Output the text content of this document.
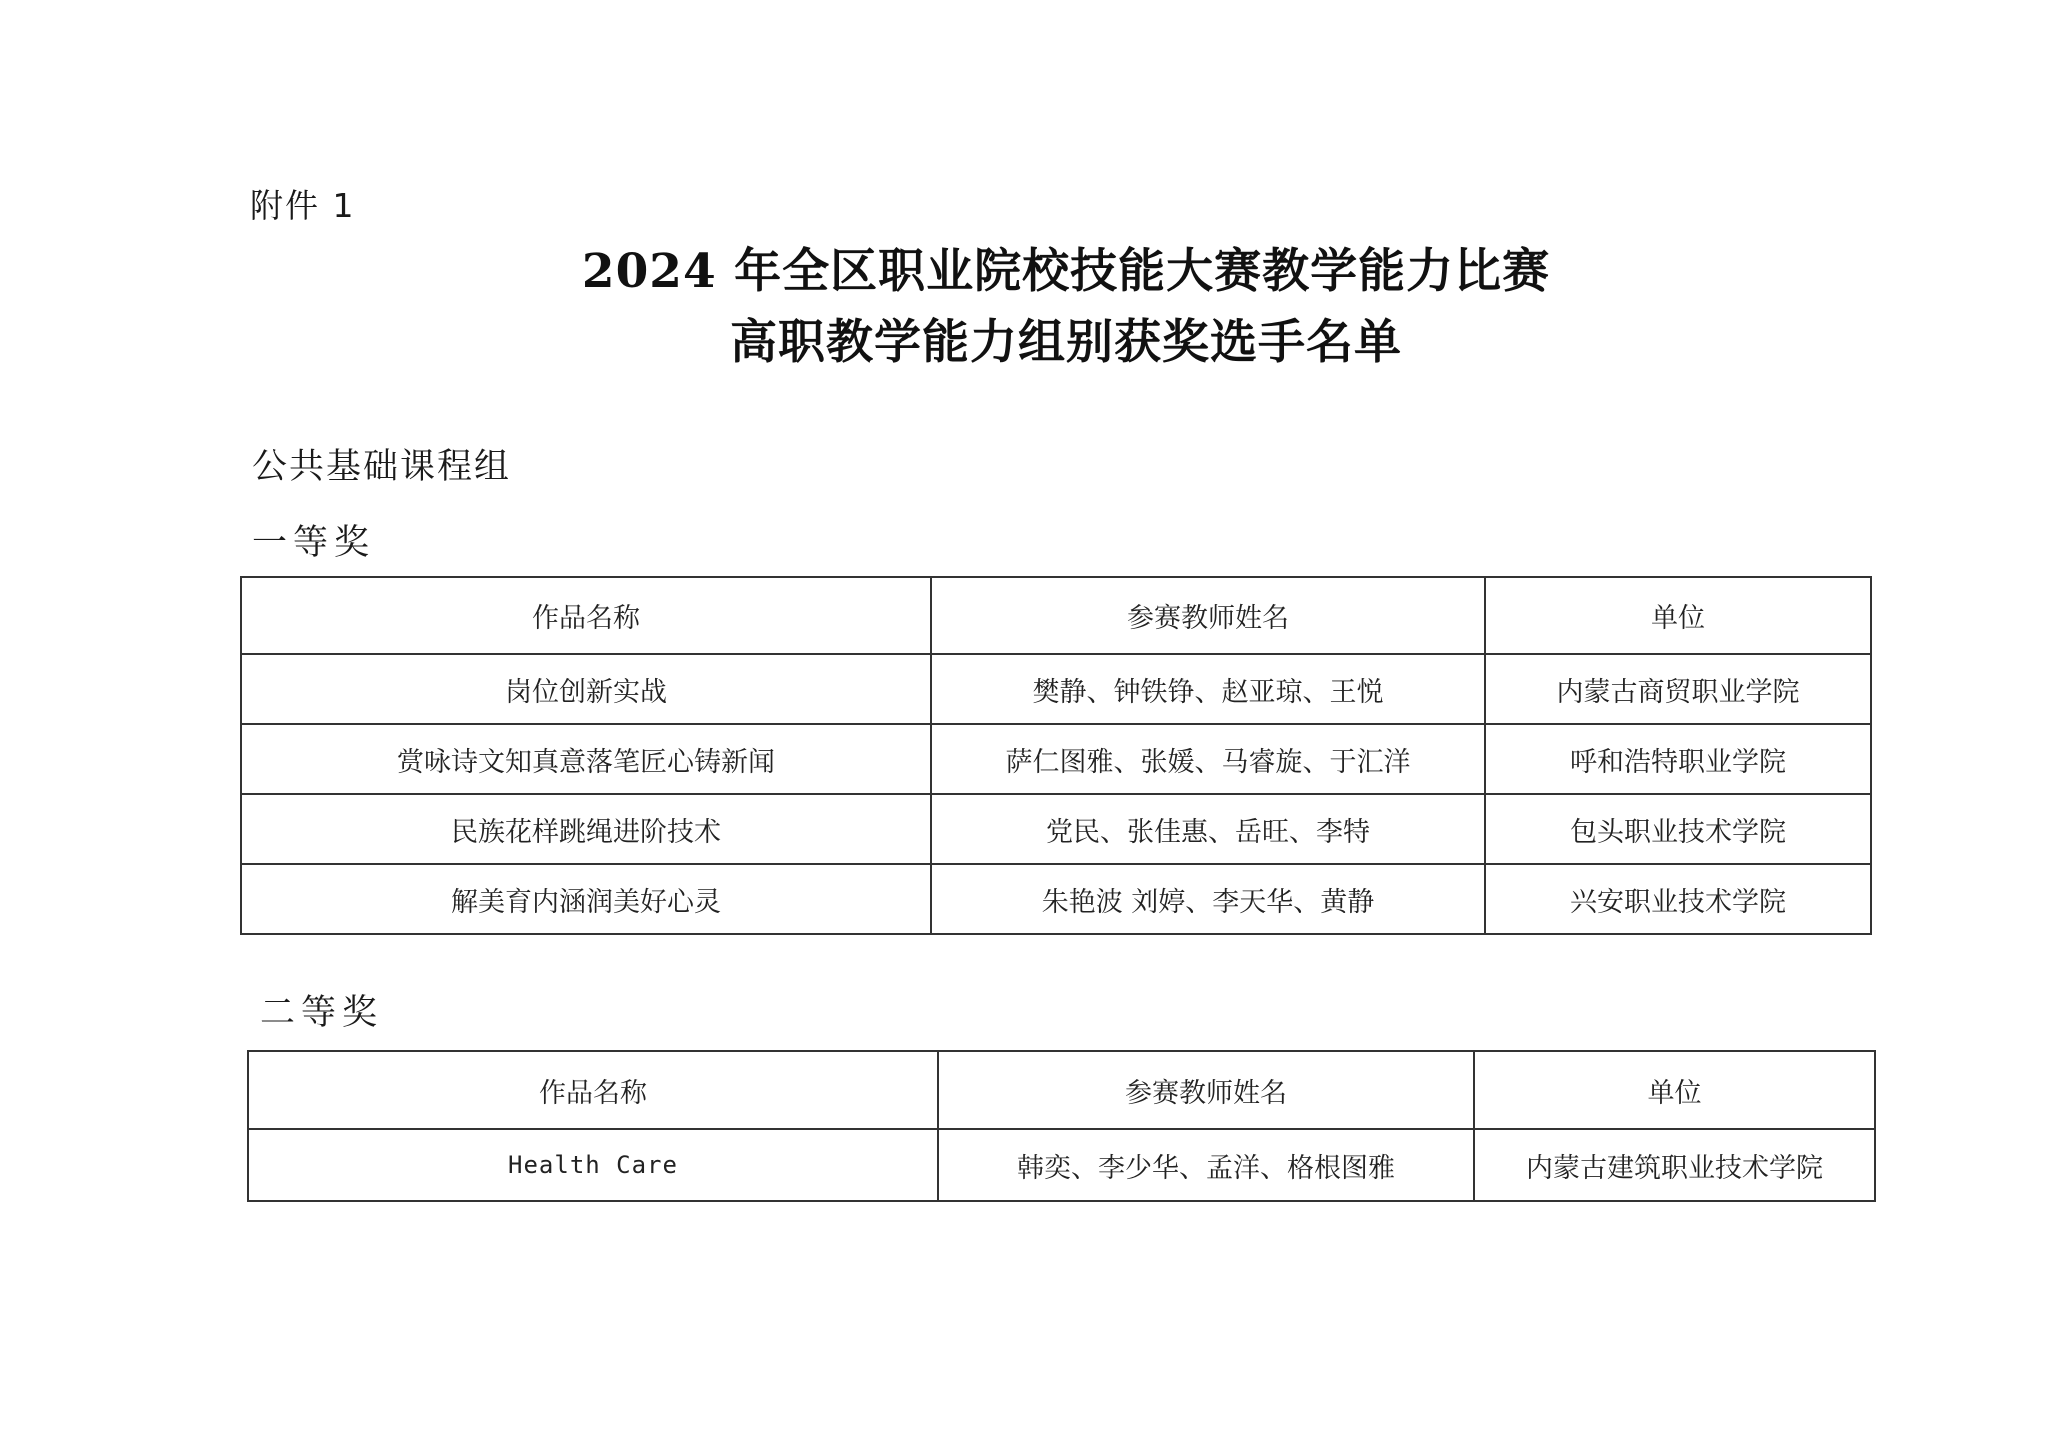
附件 1
2024 年全区职业院校技能大赛教学能力比赛
高职教学能力组别获奖选手名单
公共基础课程组
一等奖
作品名称	参赛教师姓名	单位
岗位创新实战	樊静、钟铁铮、赵亚琼、王悦	内蒙古商贸职业学院
赏咏诗文知真意落笔匠心铸新闻	萨仁图雅、张媛、马睿旋、于汇洋	呼和浩特职业学院
民族花样跳绳进阶技术	党民、张佳惠、岳旺、李特	包头职业技术学院
解美育内涵润美好心灵	朱艳波 刘婷、李天华、黄静	兴安职业技术学院
二等奖
作品名称	参赛教师姓名	单位
Health Care	韩奕、李少华、孟洋、格根图雅	内蒙古建筑职业技术学院
